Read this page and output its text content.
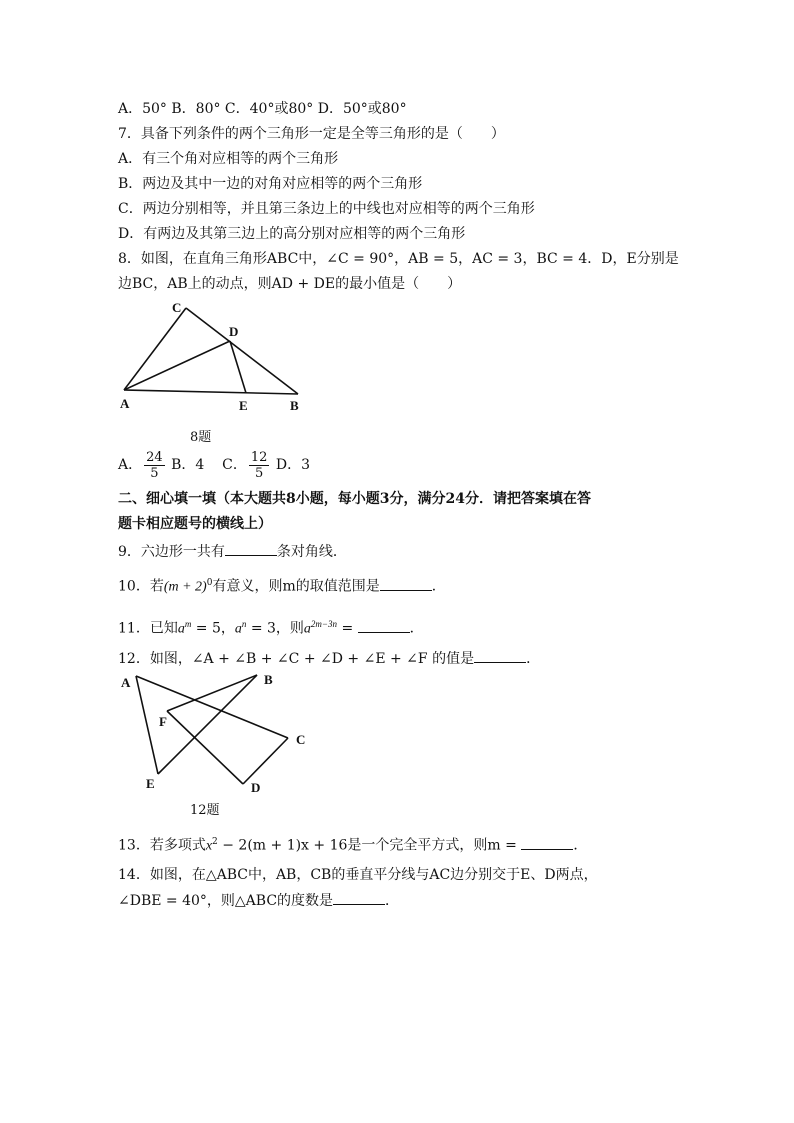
A．50° B．80° C．40°或80° D．50°或80°
7．具备下列条件的两个三角形一定是全等三角形的是（　　）
A．有三个角对应相等的两个三角形
B．两边及其中一边的对角对应相等的两个三角形
C．两边分别相等，并且第三条边上的中线也对应相等的两个三角形
D．有两边及其第三边上的高分别对应相等的两个三角形
8．如图，在直角三角形ABC中，∠C = 90°，AB = 5，AC = 3，BC = 4．D，E分别是
边BC，AB上的动点，则AD + DE的最小值是（　　）
C
D
A	E	B
8题
A． $\frac{24}{5}$ B．4 C． $\frac{12}{5}$ D．3
二、细心填一填（本大题共8小题，每小题3分，满分24分．请把答案填在答
题卡相应题号的横线上）
9．六边形一共有	条对角线．
10．若$(m + 2)^0$有意义，则m的取值范围是	．
11．已知$a^m = 5$，$a^n = 3$，则$a^{2m-3n}$ =	．
12．如图，∠A + ∠B + ∠C + ∠D + ∠E + ∠F 的值是	．
A	B
C
D
E
F
12题
13．若多项式$x^2 - 2(m + 1)x + 16$是一个完全平方式，则m =	．
14．如图，在△ABC中，AB，CB的垂直平分线与AC边分别交于E、D两点，
∠DBE = 40°，则△ABC的度数是	．
